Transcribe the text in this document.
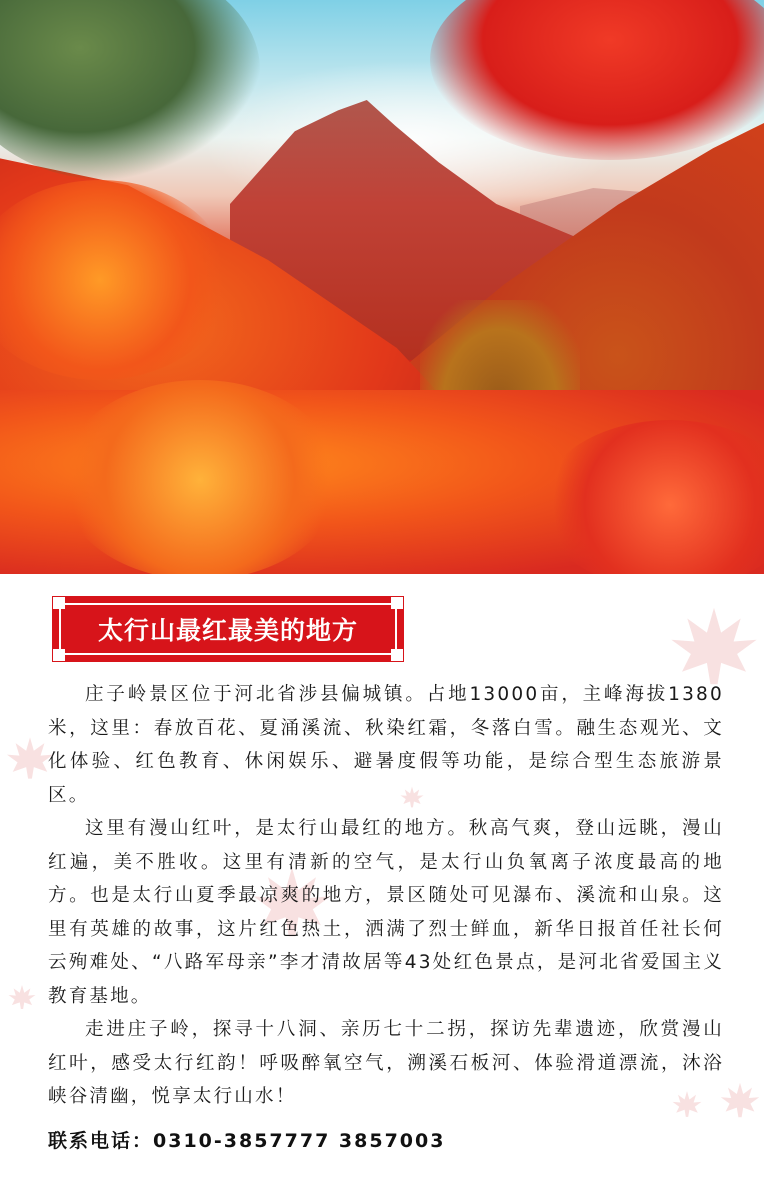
太行山最红最美的地方

庄子岭景区位于河北省涉县偏城镇。占地13000亩，主峰海拔1380米，这里：春放百花、夏涌溪流、秋染红霜，冬落白雪。融生态观光、文化体验、红色教育、休闲娱乐、避暑度假等功能，是综合型生态旅游景区。

这里有漫山红叶，是太行山最红的地方。秋高气爽，登山远眺，漫山红遍，美不胜收。这里有清新的空气，是太行山负氧离子浓度最高的地方。也是太行山夏季最凉爽的地方，景区随处可见瀑布、溪流和山泉。这里有英雄的故事，这片红色热土，洒满了烈士鲜血，新华日报首任社长何云殉难处、“八路军母亲”李才清故居等43处红色景点，是河北省爱国主义教育基地。

走进庄子岭，探寻十八洞、亲历七十二拐，探访先辈遗迹，欣赏漫山红叶，感受太行红韵！呼吸醉氧空气，溯溪石板河、体验滑道漂流，沐浴峡谷清幽，悦享太行山水！

联系电话：0310-3857777 3857003
